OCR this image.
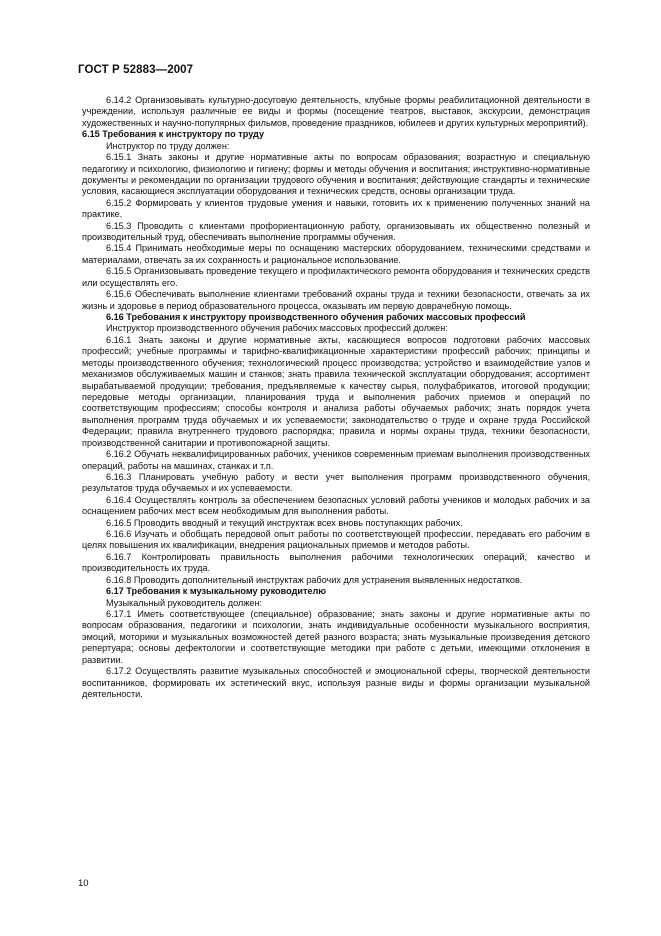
ГОСТ Р 52883—2007

6.14.2 Организовывать культурно-досуговую деятельность, клубные формы реабилитационной деятельности в учреждении, используя различные ее виды и формы (посещение театров, выставок, экскурсии, демонстрация художественных и научно-популярных фильмов, проведение праздников, юбилеев и других культурных мероприятий).

6.15 Требования к инструктору по труду

Инструктор по труду должен:

6.15.1 Знать законы и другие нормативные акты по вопросам образования; возрастную и специальную педагогику и психологию, физиологию и гигиену; формы и методы обучения и воспитания; инструктивно-нормативные документы и рекомендации по организации трудового обучения и воспитания; действующие стандарты и технические условия, касающиеся эксплуатации оборудования и технических средств, основы организации труда.

6.15.2 Формировать у клиентов трудовые умения и навыки, готовить их к применению полученных знаний на практике.

6.15.3 Проводить с клиентами профориентационную работу, организовывать их общественно полезный и производительный труд, обеспечивать выполнение программы обучения.

6.15.4 Принимать необходимые меры по оснащению мастерских оборудованием, техническими средствами и материалами, отвечать за их сохранность и рациональное использование.

6.15.5 Организовывать проведение текущего и профилактического ремонта оборудования и технических средств или осуществлять его.

6.15.6 Обеспечивать выполнение клиентами требований охраны труда и техники безопасности, отвечать за их жизнь и здоровье в период образовательного процесса, оказывать им первую доврачебную помощь.

6.16 Требования к инструктору производственного обучения рабочих массовых профессий

Инструктор производственного обучения рабочих массовых профессий должен:

6.16.1 Знать законы и другие нормативные акты, касающиеся вопросов подготовки рабочих массовых профессий; учебные программы и тарифно-квалификационные характеристики профессий рабочих; принципы и методы производственного обучения; технологический процесс производства; устройство и взаимодействие узлов и механизмов обслуживаемых машин и станков; знать правила технической эксплуатации оборудования; ассортимент вырабатываемой продукции; требования, предъявляемые к качеству сырья, полуфабрикатов, итоговой продукции; передовые методы организации, планирования труда и выполнения рабочих приемов и операций по соответствующим профессиям; способы контроля и анализа работы обучаемых рабочих; знать порядок учета выполнения программ труда обучаемых и их успеваемости; законодательство о труде и охране труда Российской Федерации; правила внутреннего трудового распорядка; правила и нормы охраны труда, техники безопасности, производственной санитарии и противопожарной защиты.

6.16.2 Обучать неквалифицированных рабочих, учеников современным приемам выполнения производственных операций, работы на машинах, станках и т.п.

6.16.3 Планировать учебную работу и вести учет выполнения программ производственного обучения, результатов труда обучаемых и их успеваемости.

6.16.4 Осуществлять контроль за обеспечением безопасных условий работы учеников и молодых рабочих и за оснащением рабочих мест всем необходимым для выполнения работы.

6.16.5 Проводить вводный и текущий инструктаж всех вновь поступающих рабочих.

6.16.6 Изучать и обобщать передовой опыт работы по соответствующей профессии, передавать его рабочим в целях повышения их квалификации, внедрения рациональных приемов и методов работы.

6.16.7 Контролировать правильность выполнения рабочими технологических операций, качество и производительность их труда.

6.16.8 Проводить дополнительный инструктаж рабочих для устранения выявленных недостатков.

6.17 Требования к музыкальному руководителю

Музыкальный руководитель должен:

6.17.1 Иметь соответствующее (специальное) образование; знать законы и другие нормативные акты по вопросам образования, педагогики и психологии, знать индивидуальные особенности музыкального восприятия, эмоций, моторики и музыкальных возможностей детей разного возраста; знать музыкальные произведения детского репертуара; основы дефектологии и соответствующие методики при работе с детьми, имеющими отклонения в развитии.

6.17.2 Осуществлять развитие музыкальных способностей и эмоциональной сферы, творческой деятельности воспитанников, формировать их эстетический вкус, используя разные виды и формы организации музыкальной деятельности.

10
